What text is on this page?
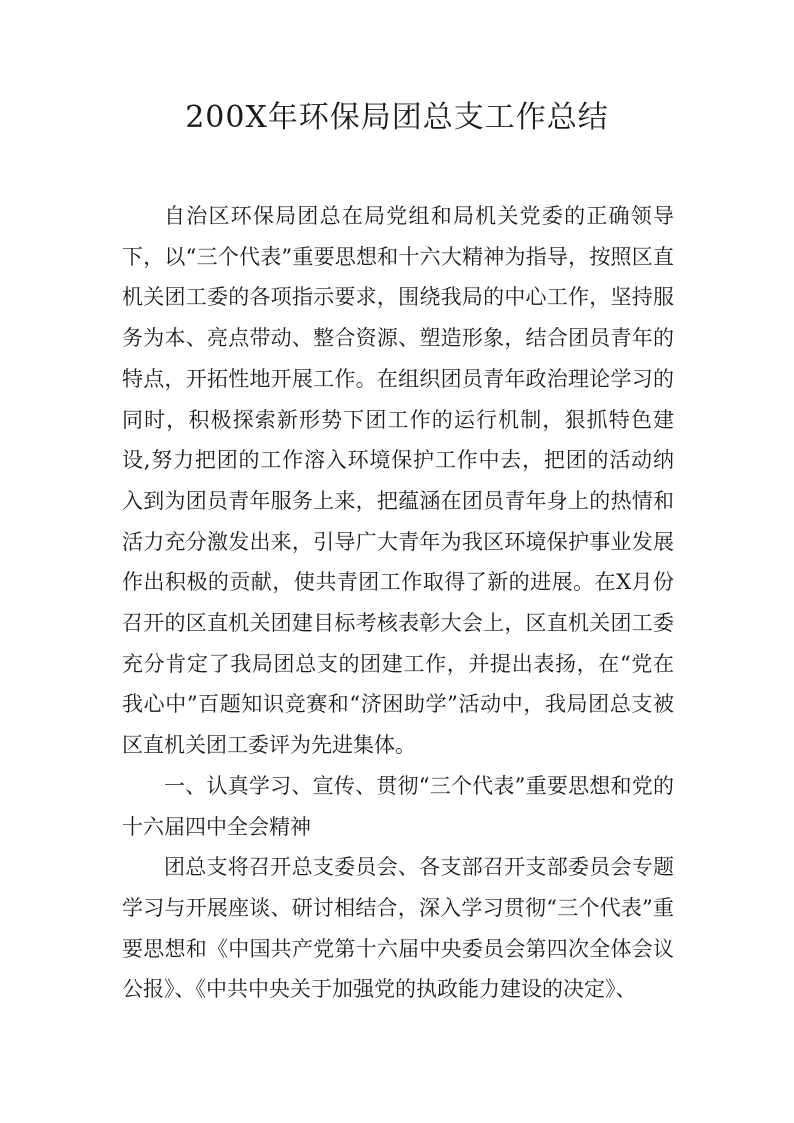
200X年环保局团总支工作总结

自治区环保局团总在局党组和局机关党委的正确领导下，以“三个代表”重要思想和十六大精神为指导，按照区直机关团工委的各项指示要求，围绕我局的中心工作，坚持服务为本、亮点带动、整合资源、塑造形象，结合团员青年的特点，开拓性地开展工作。在组织团员青年政治理论学习的同时，积极探索新形势下团工作的运行机制，狠抓特色建设,努力把团的工作溶入环境保护工作中去，把团的活动纳入到为团员青年服务上来，把蕴涵在团员青年身上的热情和活力充分激发出来，引导广大青年为我区环境保护事业发展作出积极的贡献，使共青团工作取得了新的进展。在X月份召开的区直机关团建目标考核表彰大会上，区直机关团工委充分肯定了我局团总支的团建工作，并提出表扬，在“党在我心中”百题知识竞赛和“济困助学”活动中，我局团总支被区直机关团工委评为先进集体。

一、认真学习、宣传、贯彻“三个代表”重要思想和党的十六届四中全会精神

团总支将召开总支委员会、各支部召开支部委员会专题学习与开展座谈、研讨相结合，深入学习贯彻“三个代表”重要思想和《中国共产党第十六届中央委员会第四次全体会议公报》、《中共中央关于加强党的执政能力建设的决定》、
